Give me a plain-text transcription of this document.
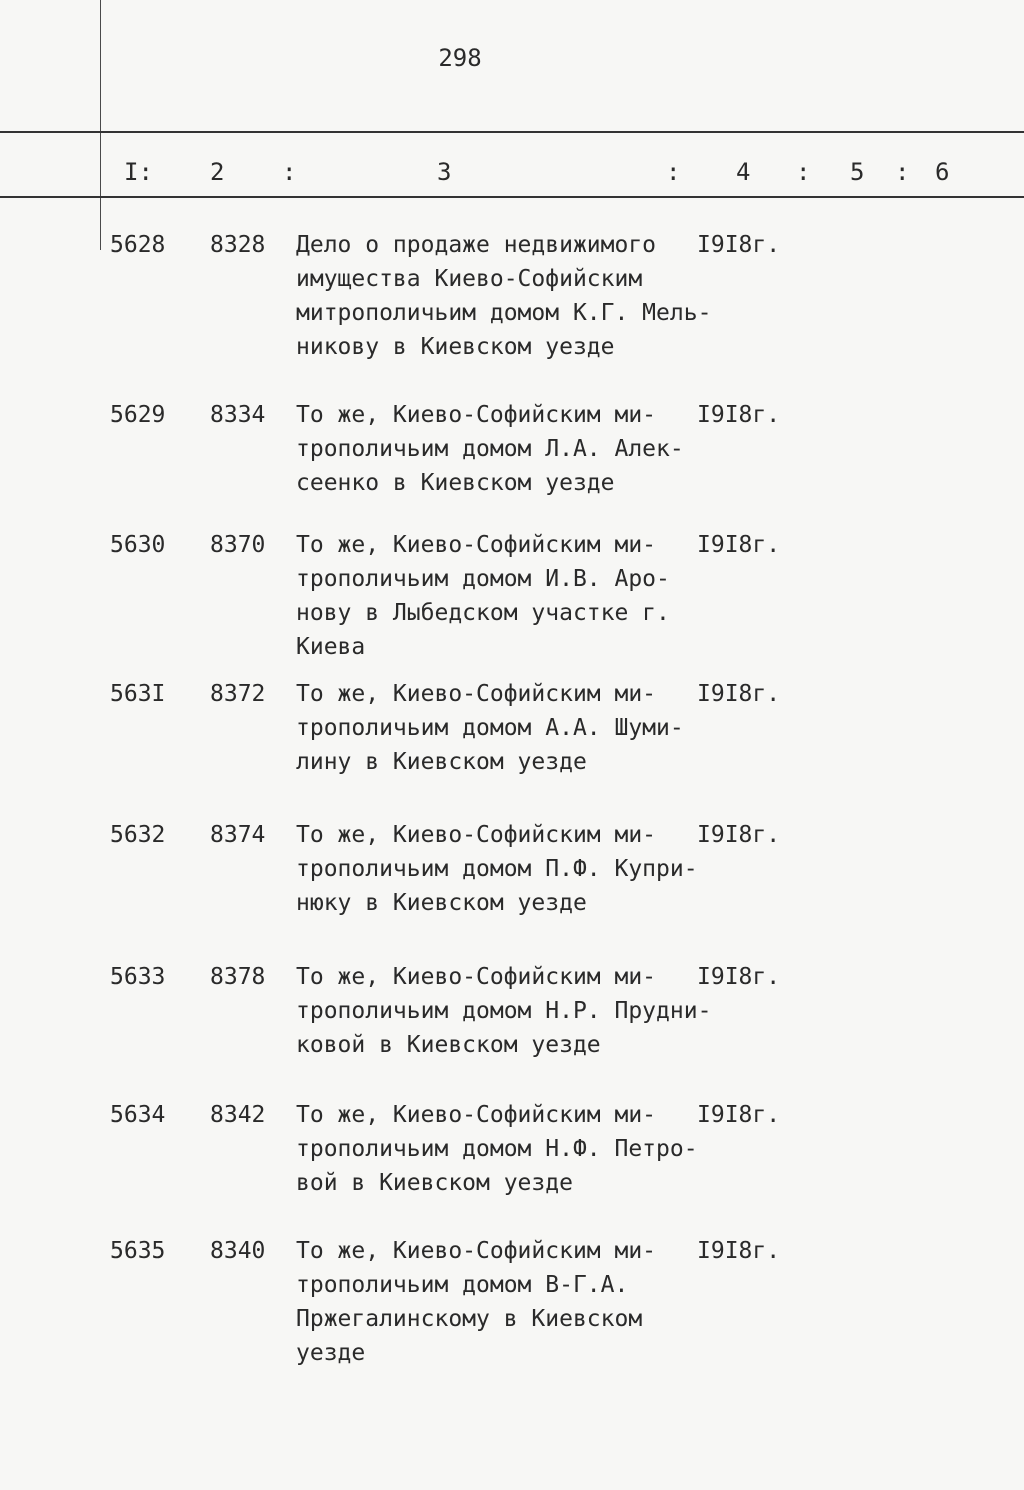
298
I: 2 :	3	: 4 : 5 : 6
5628 8328 Дело о продаже недвижимого
имущества Киево-Софийским
митрополичьим домом К.Г. Мель-
никову в Киевском уезде
I9I8г.
5629 8334 То же, Киево-Софийским ми-
трополичьим домом Л.А. Алек-
сеенко в Киевском уезде
I9I8г.
5630 8370 То же, Киево-Софийским ми-
трополичьим домом И.В. Аро-
нову в Лыбедском участке г.
Киева
I9I8г.
563I 8372 То же, Киево-Софийским ми-
трополичьим домом А.А. Шуми-
лину в Киевском уезде
I9I8г.
5632 8374 То же, Киево-Софийским ми-
трополичьим домом П.Ф. Купри-
нюку в Киевском уезде
I9I8г.
5633 8378 То же, Киево-Софийским ми-
трополичьим домом Н.Р. Прудни-
ковой в Киевском уезде
I9I8г.
5634 8342 То же, Киево-Софийским ми-
трополичьим домом Н.Ф. Петро-
вой в Киевском уезде
I9I8г.
5635 8340 То же, Киево-Софийским ми-
трополичьим домом В-Г.А.
Пржегалинскому в Киевском
уезде
I9I8г.
